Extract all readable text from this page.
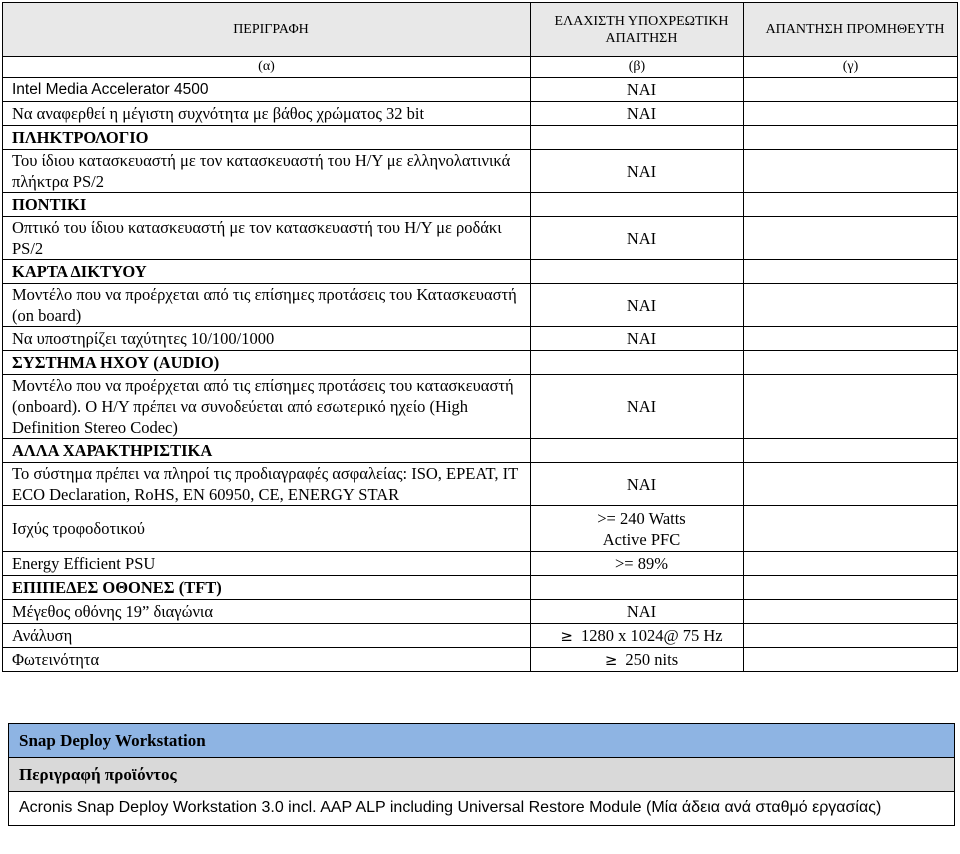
ΠΕΡΙΓΡΑΦΗ	ΕΛΑΧΙΣΤΗ ΥΠΟΧΡΕΩΤΙΚΗ ΑΠΑΙΤΗΣΗ	ΑΠΑΝΤΗΣΗ ΠΡΟΜΗΘΕΥΤΗ
(α)	(β)	(γ)
Intel Media Accelerator 4500	ΝΑΙ	
Να αναφερθεί η μέγιστη συχνότητα με βάθος χρώματος 32 bit	ΝΑΙ	
ΠΛΗΚΤΡΟΛΟΓΙΟ		
Του ίδιου κατασκευαστή με τον κατασκευαστή του Η/Υ με ελληνολατινικά πλήκτρα PS/2	ΝΑΙ	
ΠΟΝΤΙΚΙ		
Οπτικό του ίδιου κατασκευαστή με τον κατασκευαστή του Η/Υ με ροδάκι PS/2	ΝΑΙ	
ΚΑΡΤΑ ΔΙΚΤΥΟΥ		
Μοντέλο που να προέρχεται από τις επίσημες προτάσεις του Κατασκευαστή (on board)	ΝΑΙ	
Να υποστηρίζει ταχύτητες 10/100/1000	ΝΑΙ	
ΣΥΣΤΗΜΑ ΗΧΟΥ (AUDIO)		
Μοντέλο που να προέρχεται από τις επίσημες προτάσεις του κατασκευαστή (onboard). Ο Η/Υ πρέπει να συνοδεύεται από εσωτερικό ηχείο (High Definition Stereo Codec)	ΝΑΙ	
ΑΛΛΑ ΧΑΡΑΚΤΗΡΙΣΤΙΚΑ		
Το σύστημα πρέπει να πληροί τις προδιαγραφές ασφαλείας: ISO, EPEAT, IT ECO Declaration, RoHS, EN 60950, CE, ENERGY STAR	ΝΑΙ	
Ισχύς τροφοδοτικού	>= 240 Watts
Active PFC	

Energy Efficient PSU	>= 89%	
ΕΠΙΠΕΔΕΣ ΟΘΟΝΕΣ (TFT)		
Μέγεθος οθόνης 19” διαγώνια	ΝΑΙ	
Ανάλυση	≥ 1280 x 1024@ 75 Hz	
Φωτεινότητα	≥ 250 nits	
Snap Deploy Workstation
Περιγραφή προϊόντος
Acronis Snap Deploy Workstation 3.0 incl. AAP ALP including Universal Restore Module (Μία άδεια ανά σταθμό εργασίας)
